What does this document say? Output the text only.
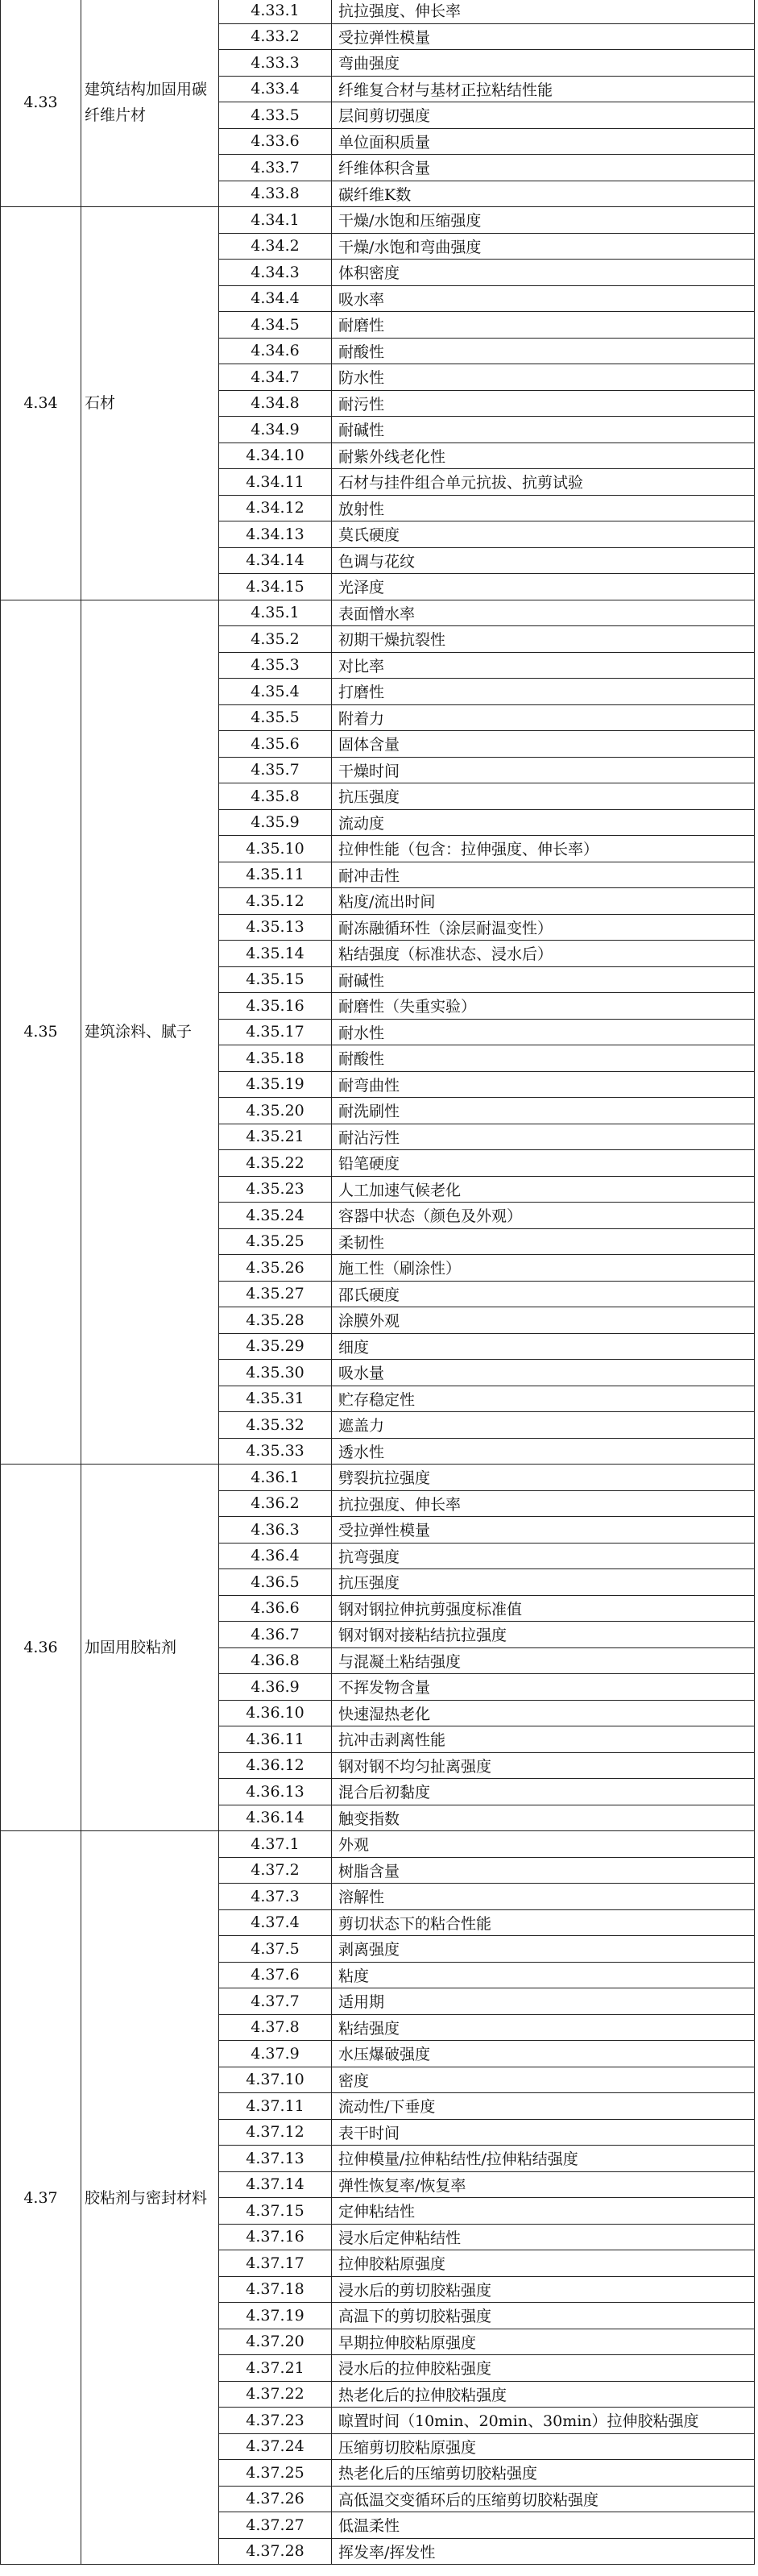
4.33	建筑结构加固用碳纤维片材	4.33.1	抗拉强度、伸长率
		4.33.2	受拉弹性模量
		4.33.3	弯曲强度
		4.33.4	纤维复合材与基材正拉粘结性能
		4.33.5	层间剪切强度
		4.33.6	单位面积质量
		4.33.7	纤维体积含量
		4.33.8	碳纤维K数
4.34	石材	4.34.1	干燥/水饱和压缩强度
		4.34.2	干燥/水饱和弯曲强度
		4.34.3	体积密度
		4.34.4	吸水率
		4.34.5	耐磨性
		4.34.6	耐酸性
		4.34.7	防水性
		4.34.8	耐污性
		4.34.9	耐碱性
		4.34.10	耐紫外线老化性
		4.34.11	石材与挂件组合单元抗拔、抗剪试验
		4.34.12	放射性
		4.34.13	莫氏硬度
		4.34.14	色调与花纹
		4.34.15	光泽度
4.35	建筑涂料、腻子	4.35.1	表面憎水率
		4.35.2	初期干燥抗裂性
		4.35.3	对比率
		4.35.4	打磨性
		4.35.5	附着力
		4.35.6	固体含量
		4.35.7	干燥时间
		4.35.8	抗压强度
		4.35.9	流动度
		4.35.10	拉伸性能（包含：拉伸强度、伸长率）
		4.35.11	耐冲击性
		4.35.12	粘度/流出时间
		4.35.13	耐冻融循环性（涂层耐温变性）
		4.35.14	粘结强度（标准状态、浸水后）
		4.35.15	耐碱性
		4.35.16	耐磨性（失重实验）
		4.35.17	耐水性
		4.35.18	耐酸性
		4.35.19	耐弯曲性
		4.35.20	耐洗刷性
		4.35.21	耐沾污性
		4.35.22	铅笔硬度
		4.35.23	人工加速气候老化
		4.35.24	容器中状态（颜色及外观）
		4.35.25	柔韧性
		4.35.26	施工性（刷涂性）
		4.35.27	邵氏硬度
		4.35.28	涂膜外观
		4.35.29	细度
		4.35.30	吸水量
		4.35.31	贮存稳定性
		4.35.32	遮盖力
		4.35.33	透水性
4.36	加固用胶粘剂	4.36.1	劈裂抗拉强度
		4.36.2	抗拉强度、伸长率
		4.36.3	受拉弹性模量
		4.36.4	抗弯强度
		4.36.5	抗压强度
		4.36.6	钢对钢拉伸抗剪强度标准值
		4.36.7	钢对钢对接粘结抗拉强度
		4.36.8	与混凝土粘结强度
		4.36.9	不挥发物含量
		4.36.10	快速湿热老化
		4.36.11	抗冲击剥离性能
		4.36.12	钢对钢不均匀扯离强度
		4.36.13	混合后初黏度
		4.36.14	触变指数
4.37	胶粘剂与密封材料	4.37.1	外观
		4.37.2	树脂含量
		4.37.3	溶解性
		4.37.4	剪切状态下的粘合性能
		4.37.5	剥离强度
		4.37.6	粘度
		4.37.7	适用期
		4.37.8	粘结强度
		4.37.9	水压爆破强度
		4.37.10	密度
		4.37.11	流动性/下垂度
		4.37.12	表干时间
		4.37.13	拉伸模量/拉伸粘结性/拉伸粘结强度
		4.37.14	弹性恢复率/恢复率
		4.37.15	定伸粘结性
		4.37.16	浸水后定伸粘结性
		4.37.17	拉伸胶粘原强度
		4.37.18	浸水后的剪切胶粘强度
		4.37.19	高温下的剪切胶粘强度
		4.37.20	早期拉伸胶粘原强度
		4.37.21	浸水后的拉伸胶粘强度
		4.37.22	热老化后的拉伸胶粘强度
		4.37.23	晾置时间（10min、20min、30min）拉伸胶粘强度
		4.37.24	压缩剪切胶粘原强度
		4.37.25	热老化后的压缩剪切胶粘强度
		4.37.26	高低温交变循环后的压缩剪切胶粘强度
		4.37.27	低温柔性
		4.37.28	挥发率/挥发性
